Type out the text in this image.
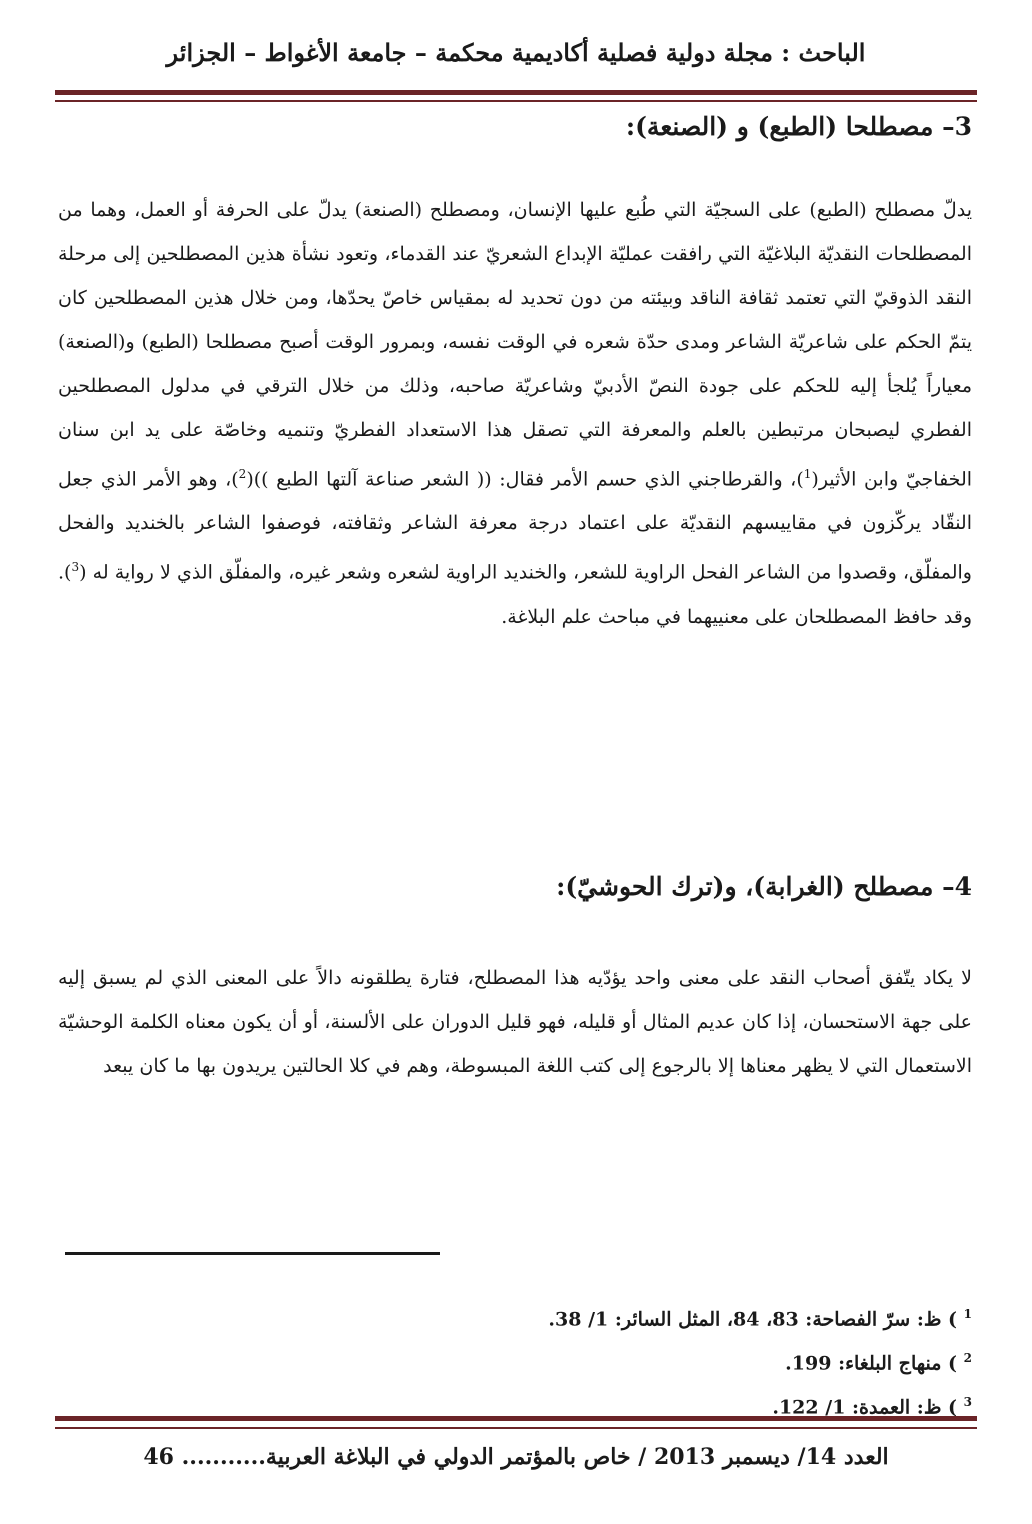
الباحث : مجلة دولية فصلية أكاديمية محكمة – جامعة الأغواط – الجزائر
3– مصطلحا (الطبع) و (الصنعة):

يدلّ مصطلح (الطبع) على السجيّة التي طُبع عليها الإنسان، ومصطلح (الصنعة) يدلّ على الحرفة أو العمل، وهما من المصطلحات النقديّة البلاغيّة التي رافقت عمليّة الإبداع الشعريّ عند القدماء، وتعود نشأة هذين المصطلحين إلى مرحلة النقد الذوقيّ التي تعتمد ثقافة الناقد وبيئته من دون تحديد له بمقياس خاصّ يحدّها، ومن خلال هذين المصطلحين كان يتمّ الحكم على شاعريّة الشاعر ومدى حدّة شعره في الوقت نفسه، وبمرور الوقت أصبح مصطلحا (الطبع) و(الصنعة) معياراً يُلجأ إليه للحكم على جودة النصّ الأدبيّ وشاعريّة صاحبه، وذلك من خلال الترقي في مدلول المصطلحين الفطري ليصبحان مرتبطين بالعلم والمعرفة التي تصقل هذا الاستعداد الفطريّ وتنميه وخاصّة على يد ابن سنان الخفاجيّ وابن الأثير($^1$)، والقرطاجني الذي حسم الأمر فقال: (( الشعر صناعة آلتها الطبع ))($^2$)، وهو الأمر الذي جعل النقّاد يركّزون في مقاييسهم النقديّة على اعتماد درجة معرفة الشاعر وثقافته، فوصفوا الشاعر بالخنديد والفحل والمفلّق، وقصدوا من الشاعر الفحل الراوية للشعر، والخنديد الراوية لشعره وشعر غيره، والمفلّق الذي لا رواية له ($^3$). وقد حافظ المصطلحان على معنييهما في مباحث علم البلاغة.

4– مصطلح (الغرابة)، و(ترك الحوشيّ):

لا يكاد يتّفق أصحاب النقد على معنى واحد يؤدّيه هذا المصطلح، فتارة يطلقونه دالاً على المعنى الذي لم يسبق إليه على جهة الاستحسان، إذا كان عديم المثال أو قليله، فهو قليل الدوران على الألسنة، أو أن يكون معناه الكلمة الوحشيّة الاستعمال التي لا يظهر معناها إلا بالرجوع إلى كتب اللغة المبسوطة، وهم في كلا الحالتين يريدون بها ما كان يبعد

$^1$ ) ظ: سرّ الفصاحة: 83، 84، المثل السائر: 1/ 38.
$^2$ ) منهاج البلغاء: 199.
$^3$ ) ظ: العمدة: 1/ 122.
العدد 14/ ديسمبر 2013 / خاص بالمؤتمر الدولي في البلاغة العربية........... 46
